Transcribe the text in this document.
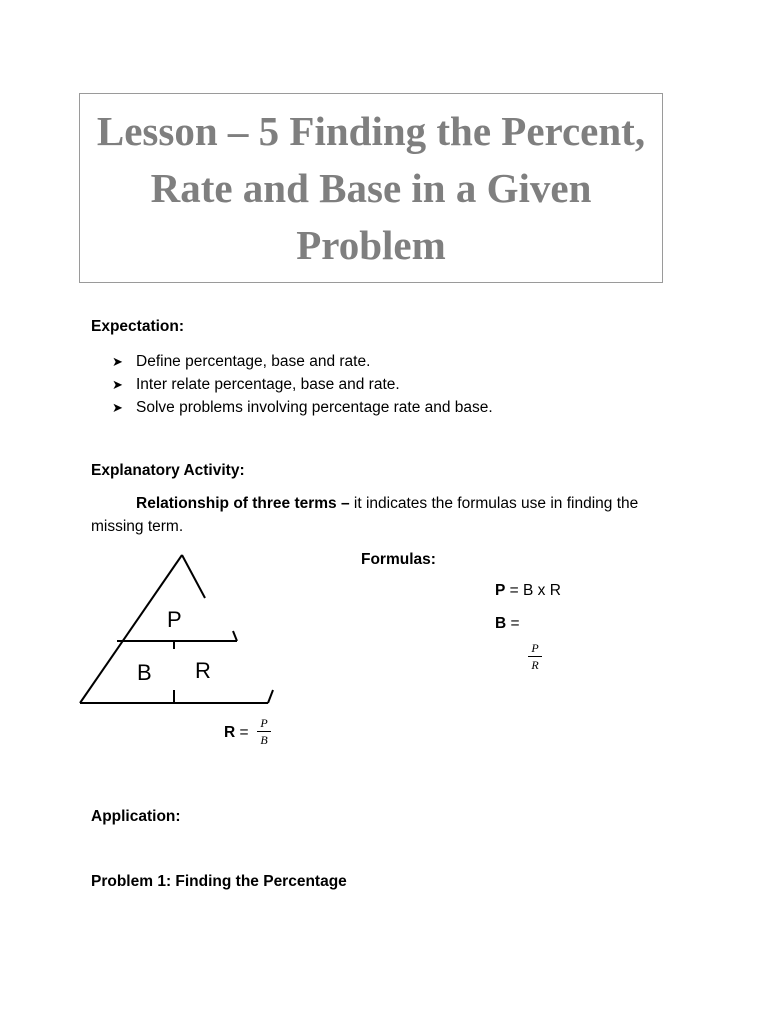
Lesson – 5 Finding the Percent, Rate and Base in a Given Problem
Expectation:
➤ Define percentage, base and rate.
➤ Inter relate percentage, base and rate.
➤ Solve problems involving percentage rate and base.
Explanatory Activity:
Relationship of three terms – it indicates the formulas use in finding the missing term.
P
B R
Formulas:
P = B x R
B =
P
R
R =
P
B
Application:
Problem 1: Finding the Percentage
